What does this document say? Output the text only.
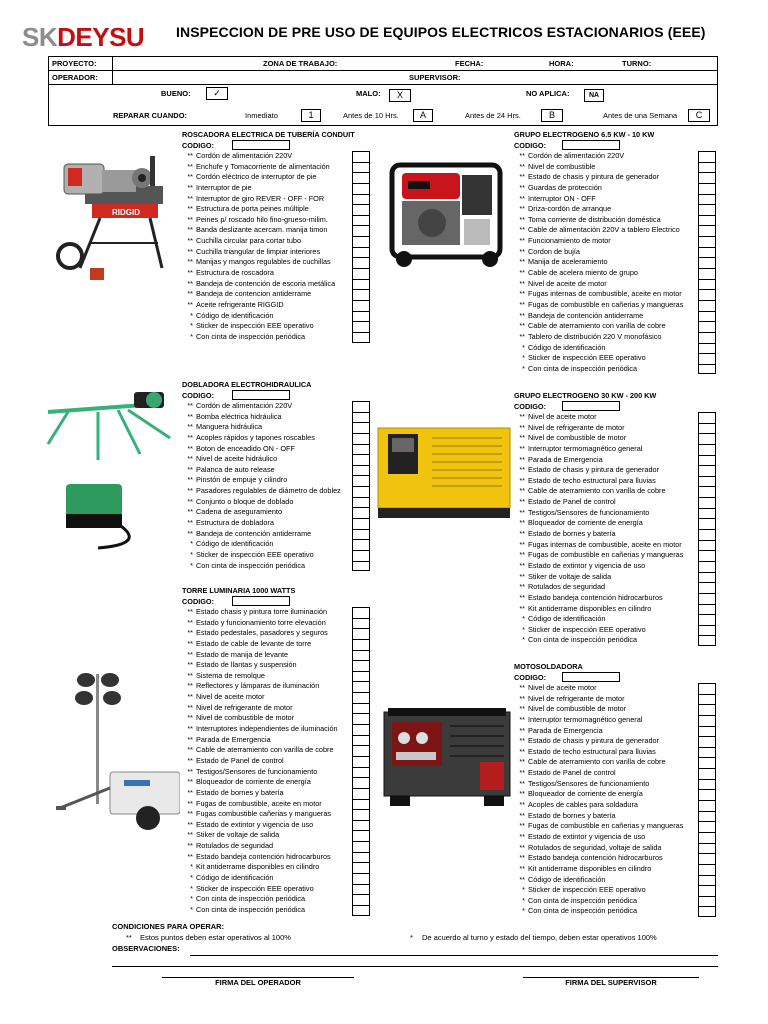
SKDEYSU INSPECCION DE PRE USO DE EQUIPOS ELECTRICOS ESTACIONARIOS (EEE)
PROYECTO:	ZONA DE TRABAJO:	FECHA:	HORA:	TURNO:
OPERADOR:	SUPERVISOR:
BUENO:	✓	MALO:	X	NO APLICA:	NA
REPARAR CUANDO:	Inmediato	1	Antes de 10 Hrs.	A	Antes de 24 Hrs.	B	Antes de una Semana	C
ROSCADORA ELECTRICA DE TUBERÍA CONDUIT
CODIGO:
** Cordón de alimentación 220V
** Enchufe y Tomacorriente de alimentación
** Cordón eléctrico de interruptor de pie
** Interruptor de pie
** Interruptor de giro REVER - OFF - FOR
** Estructura de porta peines múltiple
** Peines p/ roscado hilo fino-grueso-milim.
** Banda deslizante acercam. manija timon
** Cuchilla circular para cortar tubo
** Cuchilla triangular de limpiar interiores
** Manijas y mangos regulables de cuchillas
** Estructura de roscadora
** Bandeja de contención de escoria metálica
** Bandeja de contencion antiderrame
** Aceite refrigerante RIGGID
* Código de identificación
* Sticker de inspección EEE operativo
* Con cinta de inspección periódica
GRUPO ELECTROGENO 6.5 KW - 10 KW
CODIGO:
** Cordón de alimentación 220V
** Nivel de combustible
** Estado de chasis y pintura de generador
** Guardas de protección
** Interruptor ON - OFF
** Driza-cordón de arranque
** Toma corriente de distribución doméstica
** Cable de alimentación 220V a tablero Electrico
** Funcionamiento de motor
** Cordon de bujía
** Manija de aceleramiento
** Cable de acelera miento de grupo
** Nivel de aceite de motor
** Fugas internas de combustible, aceite en motor
** Fugas de combustible en cañerias y mangueras
** Bandeja de contención antiderrame
** Cable de aterramiento con varilla de cobre
** Tablero de distribución 220 V monofásico
* Código de identificación
* Sticker de inspección EEE operativo
* Con cinta de inspección periódica
DOBLADORA ELECTROHIDRAULICA
CODIGO:
** Cordón de alimentación 220V
** Bomba eléctrica hidráulica
** Manguera hidráulica
** Acoples rápidos y tapones roscables
** Boton de enceadido ON - OFF
** Nivel de aceite hidráulico
** Palanca de auto release
** Pinstón de empuje y cilindro
** Pasadores regulables de diámetro de doblez
** Conjunto o bloque de doblado
** Cadena de aseguramiento
** Estructura de dobladora
** Bandeja de contención antiderrame
* Código de identificación
* Sticker de inspección EEE operativo
* Con cinta de inspección periódica
GRUPO ELECTROGENO 30 KW - 200 KW
CODIGO:
** Nivel de aceite motor
** Nivel de refrigerante de motor
** Nivel de combustible de motor
** Interruptor termomagnético general
** Parada de Emergencia
** Estado de chasis y pintura de generador
** Estado de techo estructural para lluvias
** Cable de aterramiento con varilla de cobre
** Estado de Panel de control
** Testigos/Sensores de funcionamiento
** Bloqueador de corriente de energía
** Estado de bornes y batería
** Fugas internas de combustible, aceite en motor
** Fugas de combustible en cañerias y mangueras
** Estado de extintor y vigencia de uso
** Stiker de voltaje de salida
** Rotulados de seguridad
** Estado bandeja contención hidrocarburos
** Kit antiderrame disponibles en cilindro
* Código de identificación
* Sticker de inspección EEE operativo
* Con cinta de inspección periódica
TORRE LUMINARIA 1000 WATTS
CODIGO:
** Estado chasis y pintura torre iluminación
** Estado y funcionamiento torre elevación
** Estado pedestales, pasadores y seguros
** Estado de cable de levante de torre
** Estado de manija de levante
** Estado de llantas y suspensión
** Sistema de remolque
** Reflectores y lámparas de iluminación
** Nivel de aceite motor
** Nivel de refrigerante de motor
** Nivel de combustible de motor
** Interruptores independientes de iluminación
** Parada de Emergencia
** Cable de aterramiento con varilla de cobre
** Estado de Panel de control
** Testigos/Sensores de funcionamiento
** Bloqueador de corriente de energía
** Estado de bornes y batería
** Fugas de combustible, aceite en motor
** Fugas combustible cañerias y mangueras
** Estado de extintor y vigencia de uso
** Stiker de voltaje de salida
** Rotulados de seguridad
** Estado bandeja contención hidrocarburos
* Kit antiderrame disponibles en cilindro
* Código de identificación
* Sticker de inspección EEE operativo
* Con cinta de inspección periódica
* Con cinta de inspección periódica
MOTOSOLDADORA
CODIGO:
** Nivel de aceite motor
** Nivel de refrigerante de motor
** Nivel de combustible de motor
** Interruptor termomagnético general
** Parada de Emergencia
** Estado de chasis y pintura de generador
** Estado de techo estructural para lluvias
** Cable de aterramiento con varilla de cobre
** Estado de Panel de control
** Testigos/Sensores de funcionamiento
** Bloqueador de corriente de energía
** Acoples de cables para soldadura
** Estado de bornes y batería
** Fugas de combustible en cañerias y mangueras
** Estado de extintor y vigencia de uso
** Rotulados de seguridad, voltaje de salida
** Estado bandeja contención hidrocarburos
** Kit antiderrame disponibles en cilindro
** Código de identificación
* Sticker de inspección EEE operativo
* Con cinta de inspección periódica
* Con cinta de inspección periódica
RIDGID
CONDICIONES PARA OPERAR:
** Estos puntos deben estar operativos al 100%	* De acuerdo al turno y estado del tiempo, deben estar operativos 100%
OBSERVACIONES:
FIRMA DEL OPERADOR	FIRMA DEL SUPERVISOR
